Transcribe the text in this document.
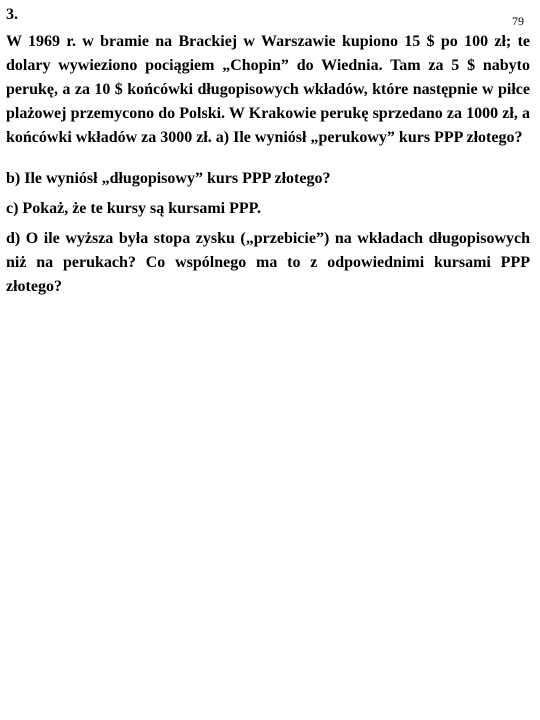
3.	79

W 1969 r. w bramie na Brackiej w Warszawie kupiono 15 $ po 100 zł; te dolary wywieziono pociągiem „Chopin” do Wiednia. Tam za 5 $ nabyto perukę, a za 10 $ końcówki długopisowych wkładów, które następnie w piłce plażowej przemycono do Polski. W Krakowie perukę sprzedano za 1000 zł, a końcówki wkładów za 3000 zł. a) Ile wyniósł „perukowy” kurs PPP złotego?

b) Ile wyniósł „długopisowy” kurs PPP złotego?

c) Pokaż, że te kursy są kursami PPP.

d) O ile wyższa była stopa zysku („przebicie”) na wkładach długopisowych niż na perukach? Co wspólnego ma to z odpowiednimi kursami PPP złotego?
